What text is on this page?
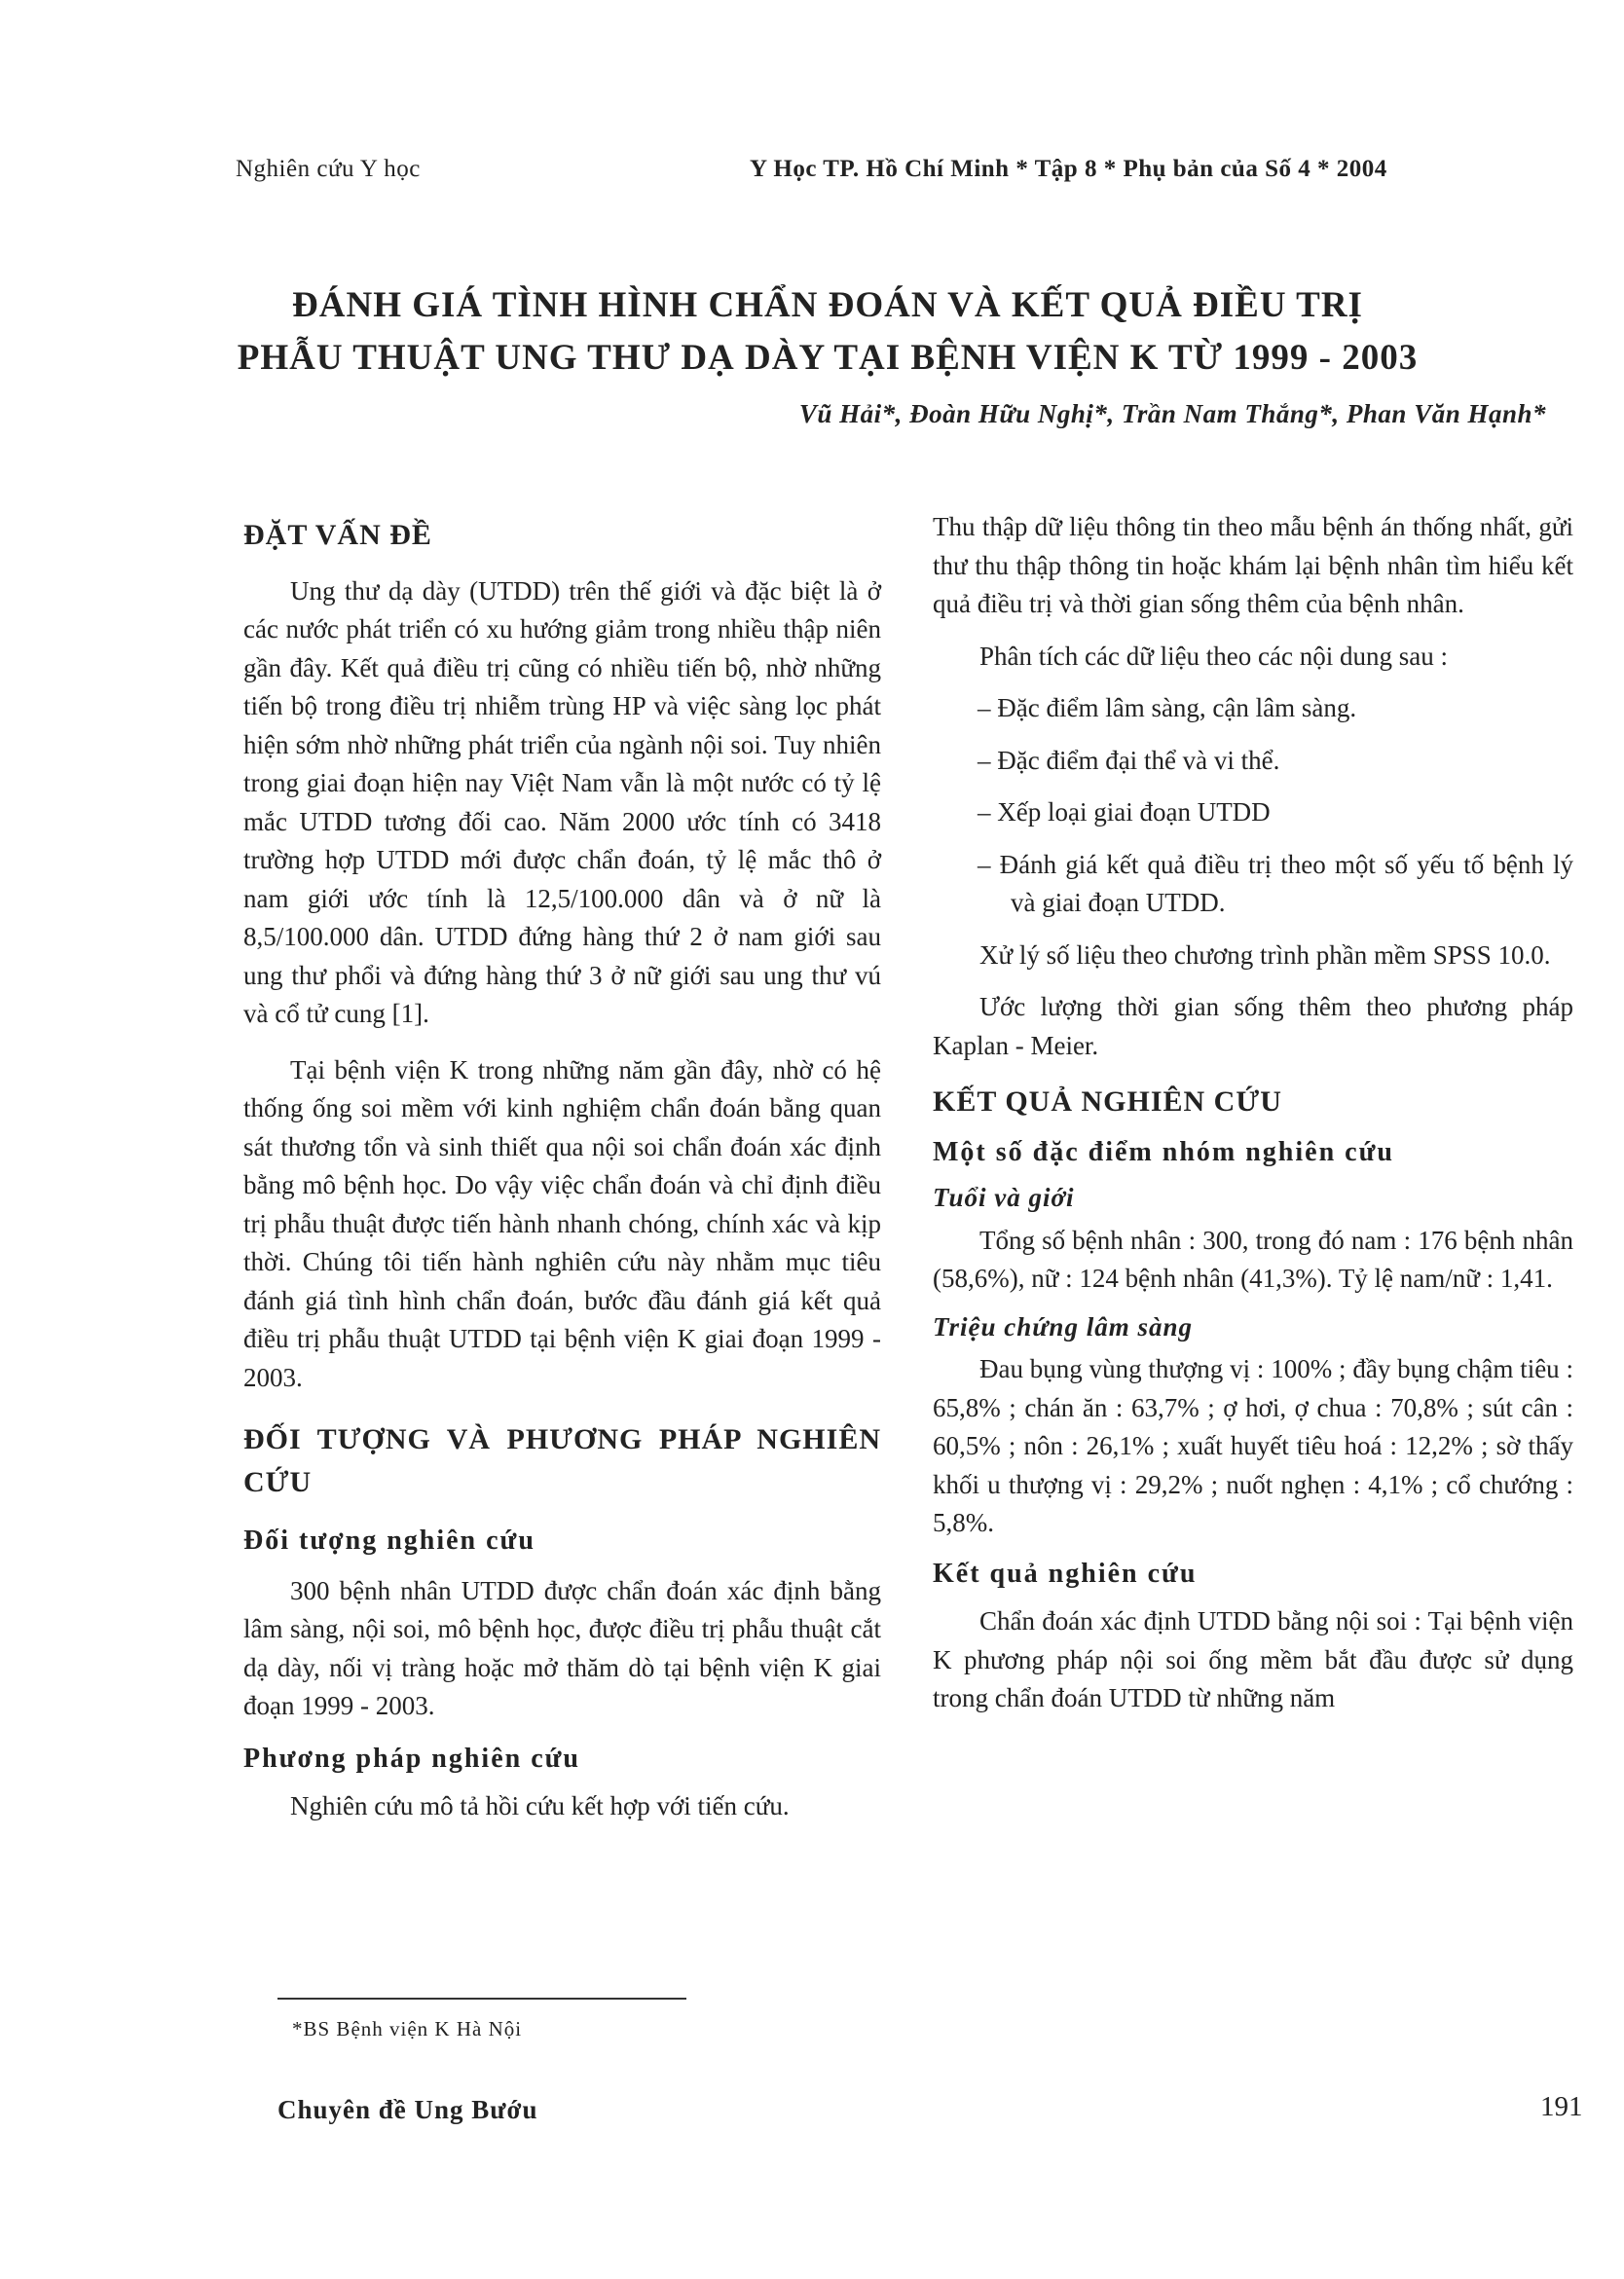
Nghiên cứu Y học	Y Học TP. Hồ Chí Minh * Tập 8 * Phụ bản của Số 4 * 2004
ĐÁNH GIÁ TÌNH HÌNH CHẨN ĐOÁN VÀ KẾT QUẢ ĐIỀU TRỊ
PHẪU THUẬT UNG THƯ DẠ DÀY TẠI BỆNH VIỆN K TỪ 1999 - 2003
Vũ Hải*, Đoàn Hữu Nghị*, Trần Nam Thắng*, Phan Văn Hạnh*
ĐẶT VẤN ĐỀ

Ung thư dạ dày (UTDD) trên thế giới và đặc biệt là ở các nước phát triển có xu hướng giảm trong nhiều thập niên gần đây. Kết quả điều trị cũng có nhiều tiến bộ, nhờ những tiến bộ trong điều trị nhiễm trùng HP và việc sàng lọc phát hiện sớm nhờ những phát triển của ngành nội soi. Tuy nhiên trong giai đoạn hiện nay Việt Nam vẫn là một nước có tỷ lệ mắc UTDD tương đối cao. Năm 2000 ước tính có 3418 trường hợp UTDD mới được chẩn đoán, tỷ lệ mắc thô ở nam giới ước tính là 12,5/100.000 dân và ở nữ là 8,5/100.000 dân. UTDD đứng hàng thứ 2 ở nam giới sau ung thư phổi và đứng hàng thứ 3 ở nữ giới sau ung thư vú và cổ tử cung [1].

Tại bệnh viện K trong những năm gần đây, nhờ có hệ thống ống soi mềm với kinh nghiệm chẩn đoán bằng quan sát thương tổn và sinh thiết qua nội soi chẩn đoán xác định bằng mô bệnh học. Do vậy việc chẩn đoán và chỉ định điều trị phẫu thuật được tiến hành nhanh chóng, chính xác và kịp thời. Chúng tôi tiến hành nghiên cứu này nhằm mục tiêu đánh giá tình hình chẩn đoán, bước đầu đánh giá kết quả điều trị phẫu thuật UTDD tại bệnh viện K giai đoạn 1999 - 2003.

ĐỐI TƯỢNG VÀ PHƯƠNG PHÁP NGHIÊN CỨU
Đối tượng nghiên cứu

300 bệnh nhân UTDD được chẩn đoán xác định bằng lâm sàng, nội soi, mô bệnh học, được điều trị phẫu thuật cắt dạ dày, nối vị tràng hoặc mở thăm dò tại bệnh viện K giai đoạn 1999 - 2003.

Phương pháp nghiên cứu

Nghiên cứu mô tả hồi cứu kết hợp với tiến cứu.

Thu thập dữ liệu thông tin theo mẫu bệnh án thống nhất, gửi thư thu thập thông tin hoặc khám lại bệnh nhân tìm hiểu kết quả điều trị và thời gian sống thêm của bệnh nhân.

Phân tích các dữ liệu theo các nội dung sau :

– Đặc điểm lâm sàng, cận lâm sàng.

– Đặc điểm đại thể và vi thể.

– Xếp loại giai đoạn UTDD

– Đánh giá kết quả điều trị theo một số yếu tố bệnh lý và giai đoạn UTDD.

Xử lý số liệu theo chương trình phần mềm SPSS 10.0.

Ước lượng thời gian sống thêm theo phương pháp Kaplan - Meier.

KẾT QUẢ NGHIÊN CỨU
Một số đặc điểm nhóm nghiên cứu
Tuổi và giới

Tổng số bệnh nhân : 300, trong đó nam : 176 bệnh nhân (58,6%), nữ : 124 bệnh nhân (41,3%). Tỷ lệ nam/nữ : 1,41.

Triệu chứng lâm sàng

Đau bụng vùng thượng vị : 100% ; đầy bụng chậm tiêu : 65,8% ; chán ăn : 63,7% ; ợ hơi, ợ chua : 70,8% ; sút cân : 60,5% ; nôn : 26,1% ; xuất huyết tiêu hoá : 12,2% ; sờ thấy khối u thượng vị : 29,2% ; nuốt nghẹn : 4,1% ; cổ chướng : 5,8%.

Kết quả nghiên cứu

Chẩn đoán xác định UTDD bằng nội soi : Tại bệnh viện K phương pháp nội soi ống mềm bắt đầu được sử dụng trong chẩn đoán UTDD từ những năm

*BS Bệnh viện K Hà Nội
Chuyên đề Ung Bướu	191
